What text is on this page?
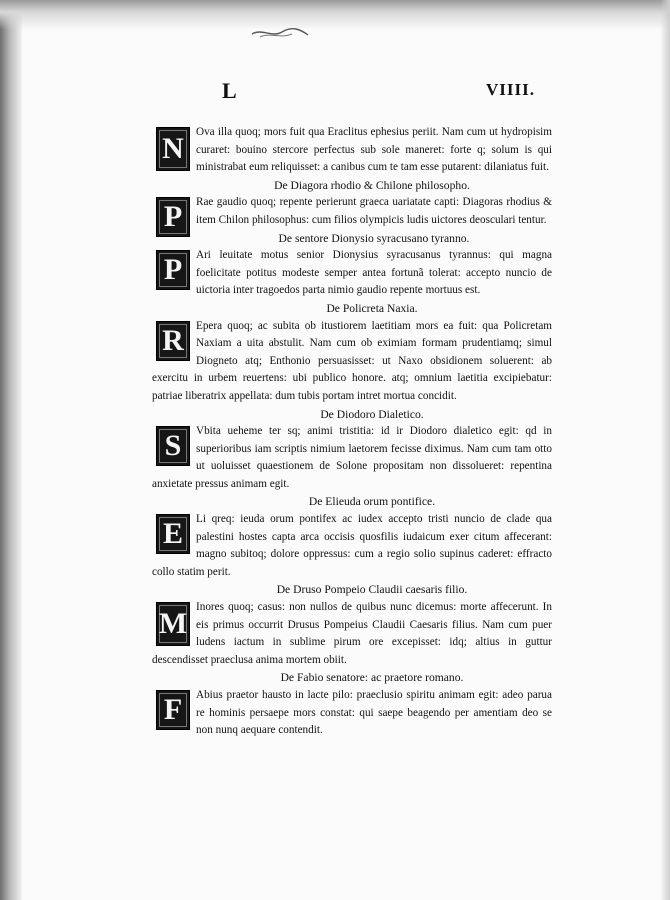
L	VIIII.
N	Ova illa quoq; mors fuit qua Eraclitus ephesius periit. Nam cum ut hydropisim curaret: bouino stercore perfectus sub sole maneret: forte q; solum is qui ministrabat eum reliquisset: a canibus cum te tam esse putarent: dilaniatus fuit.

De Diagora rhodio & Chilone philosopho.

P	Rae gaudio quoq; repente perierunt graeca uariatate capti: Diagoras rhodius & item Chilon philosophus: cum filios olympicis ludis uictores deosculari tentur.

De sentore Dionysio syracusano tyranno.

P	Ari leuitate motus senior Dionysius syracusanus tyrannus: qui magna foelicitate potitus modeste semper antea fortunã tolerat: accepto nuncio de uictoria inter tragoedos parta nimio gaudio repente mortuus est.

De Policreta Naxia.

R	Epera quoq; ac subita ob itustiorem laetitiam mors ea fuit: qua Policretam Naxiam a uita abstulit. Nam cum ob eximiam formam prudentiamq; simul Diogneto atq; Enthonio persuasisset: ut Naxo obsidionem soluerent: ab exercitu in urbem reuertens: ubi publico honore. atq; omnium laetitia excipiebatur: patriae liberatrix appellata: dum tubis portam intret mortua concidit.

De Diodoro Dialetico.

S	Vbita ueheme ter sq; animi tristitia: id ir Diodoro dialetico egit: qd in superioribus iam scriptis nimium laetorem fecisse diximus. Nam cum tam otto ut uoluisset quaestionem de Solone propositam non dissolueret: repentina anxietate pressus animam egit.

De Elieuda orum pontifice.

E	Li qreq: ieuda orum pontifex ac iudex accepto tristi nuncio de clade qua palestini hostes capta arca occisis quosfilis iudaicum exer citum affecerant: magno subitoq; dolore oppressus: cum a regio solio supinus caderet: effracto collo statim perit.

De Druso Pompeio Claudii caesaris filio.

M Inores quoq; casus: non nullos de quibus nunc dicemus: morte affecerunt. In eis primus occurrit Drusus Pompeius Claudii Caesaris filius. Nam cum puer ludens iactum in sublime pirum ore excepisset: idq; altius in guttur descendisset praeclusa anima mortem obiit.

De Fabio senatore: ac praetore romano.

F	Abius praetor hausto in lacte pilo: praeclusio spiritu animam egit: adeo parua re hominis persaepe mors constat: qui saepe beagendo per amentiam deo se non nunq aequare contendit.
